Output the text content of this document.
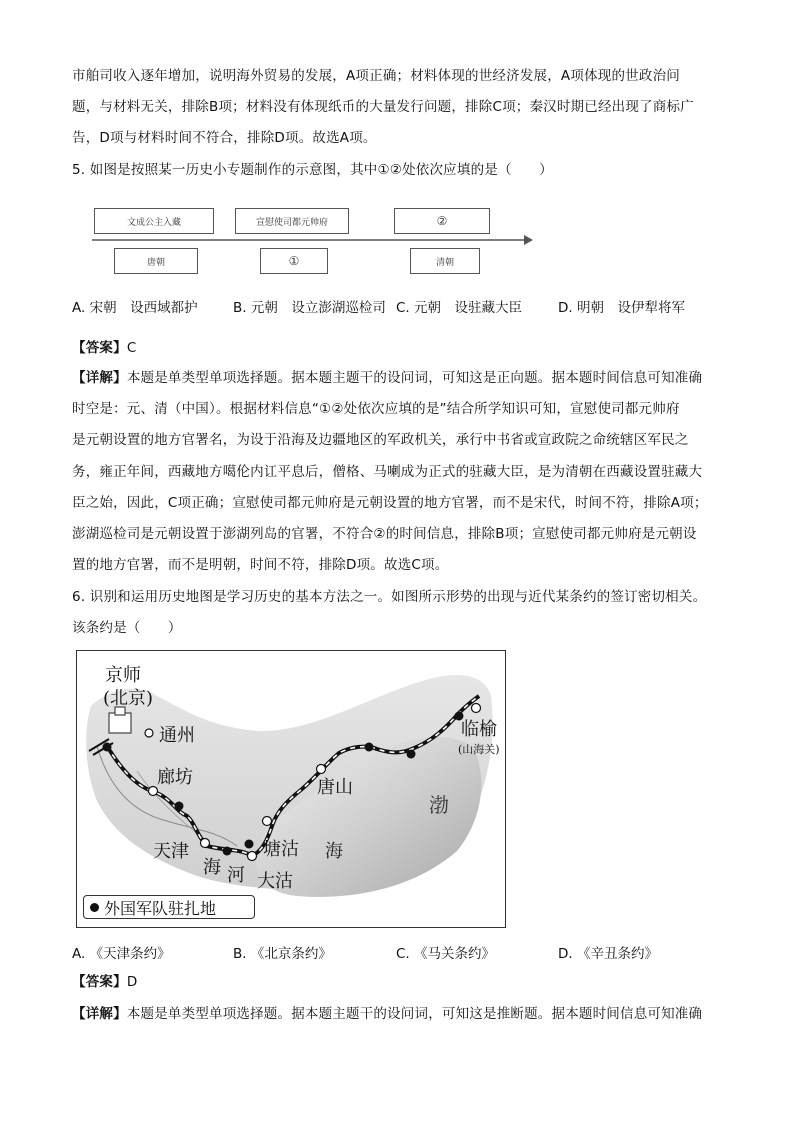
市舶司收入逐年增加，说明海外贸易的发展，A项正确；材料体现的世经济发展，A项体现的世政治问
题，与材料无关，排除B项；材料没有体现纸币的大量发行问题，排除C项；秦汉时期已经出现了商标广
告，D项与材料时间不符合，排除D项。故选A项。
5. 如图是按照某一历史小专题制作的示意图，其中①②处依次应填的是（　　）
文成公主入藏	宣慰使司都元帅府	②
唐朝	①	清朝
A. 宋朝　设西域都护	B. 元朝　设立澎湖巡检司 C. 元朝　设驻藏大臣	D. 明朝　设伊犁将军
【答案】C
【详解】本题是单类型单项选择题。据本题主题干的设问词，可知这是正向题。据本题时间信息可知准确
时空是：元、清（中国）。根据材料信息“①②处依次应填的是”结合所学知识可知，宣慰使司都元帅府
是元朝设置的地方官署名，为设于沿海及边疆地区的军政机关，承行中书省或宣政院之命统辖区军民之
务，雍正年间，西藏地方噶伦内讧平息后，僧格、马喇成为正式的驻藏大臣，是为清朝在西藏设置驻藏大
臣之始，因此，C项正确；宣慰使司都元帅府是元朝设置的地方官署，而不是宋代，时间不符，排除A项；
澎湖巡检司是元朝设置于澎湖列岛的官署，不符合②的时间信息，排除B项；宣慰使司都元帅府是元朝设
置的地方官署，而不是明朝，时间不符，排除D项。故选C项。
6. 识别和运用历史地图是学习历史的基本方法之一。如图所示形势的出现与近代某条约的签订密切相关。
该条约是（　　）
京师
(北京)
通州
廊坊
天津
海 河
塘沽
大沽
唐山
临榆
(山海关)
渤
海
外国军队驻扎地
A. 《天津条约》	B. 《北京条约》	C. 《马关条约》	D. 《辛丑条约》
【答案】D
【详解】本题是单类型单项选择题。据本题主题干的设问词，可知这是推断题。据本题时间信息可知准确
